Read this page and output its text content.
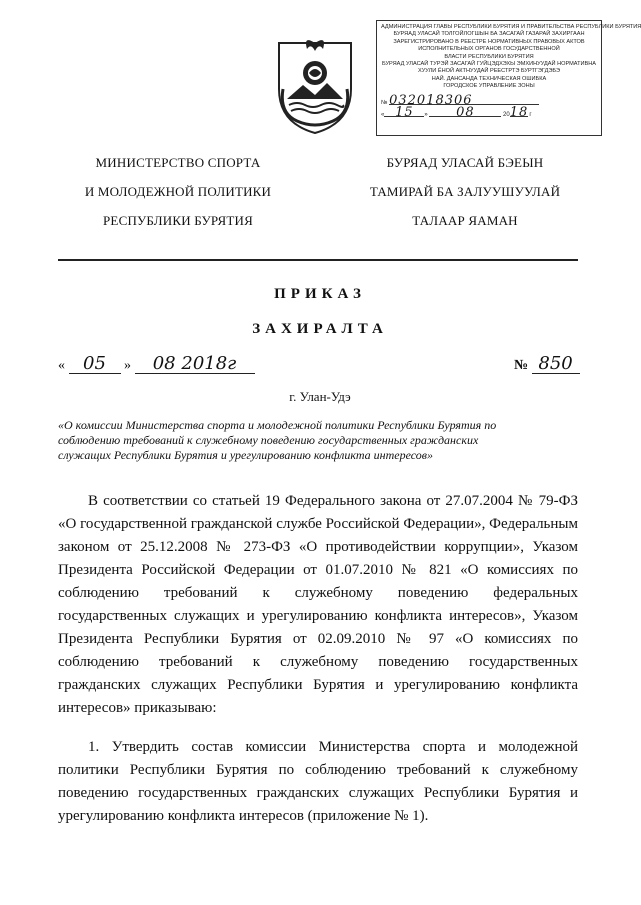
АДМИНИСТРАЦИЯ ГЛАВЫ РЕСПУБЛИКИ БУРЯТИЯ И ПРАВИТЕЛЬСТВА РЕСПУБЛИКИ БУРЯТИЯ
БУРЯАД УЛАСАЙ ТОЛГОЙЛОГШЫН БА ЗАСАГАЙ ГАЗАРАЙ ЗАХИРГААН
ЗАРЕГИСТРИРОВАНО В РЕЕСТРЕ НОРМАТИВНЫХ ПРАВОВЫХ АКТОВ
ИСПОЛНИТЕЛЬНЫХ ОРГАНОВ ГОСУДАРСТВЕННОЙ
ВЛАСТИ РЕСПУБЛИКИ БУРЯТИЯ
БУРЯАД УЛАСАЙ ТУРЭЙ ЗАСАГАЙ ГУЙЦЭДХЭХЫ ЭМХИНУУДАЙ НОРМАТИВНА
ХУУЛИ ЁНОЙ АКТНУУДАЙ РЕЕСТРТЭ БУРТГЭГДЭБЭ
НАЙ. ДАНСАНДА ТЕХНИЧЕСКАЯ ОШИБКА
ГОРОДСКОЕ УПРАВЛЕНИЕ ЗОНЫ
№ 032018306
« 15 » 08	2018 г
МИНИСТЕРСТВО СПОРТА
И МОЛОДЕЖНОЙ ПОЛИТИКИ
РЕСПУБЛИКИ БУРЯТИЯ
БУРЯАД УЛАСАЙ БЭЕЫН
ТАМИРАЙ БА ЗАЛУУШУУЛАЙ
ТАЛААР ЯАМАН
ПРИКАЗ
ЗАХИРАЛТА
« 05 » 08 2018г	№ 850
г. Улан-Удэ
«О комиссии Министерства спорта и молодежной политики Республики Бурятия по соблюдению требований к служебному поведению государственных гражданских служащих Республики Бурятия и урегулированию конфликта интересов»
В соответствии со статьей 19 Федерального закона от 27.07.2004 № 79-ФЗ «О государственной гражданской службе Российской Федерации», Федеральным законом от 25.12.2008 № 273-ФЗ «О противодействии коррупции», Указом Президента Российской Федерации от 01.07.2010 № 821 «О комиссиях по соблюдению требований к служебному поведению федеральных государственных служащих и урегулированию конфликта интересов», Указом Президента Республики Бурятия от 02.09.2010 № 97 «О комиссиях по соблюдению требований к служебному поведению государственных гражданских служащих Республики Бурятия и урегулированию конфликта интересов» приказываю:
1. Утвердить состав комиссии Министерства спорта и молодежной политики Республики Бурятия по соблюдению требований к служебному поведению государственных гражданских служащих Республики Бурятия и урегулированию конфликта интересов (приложение № 1).
